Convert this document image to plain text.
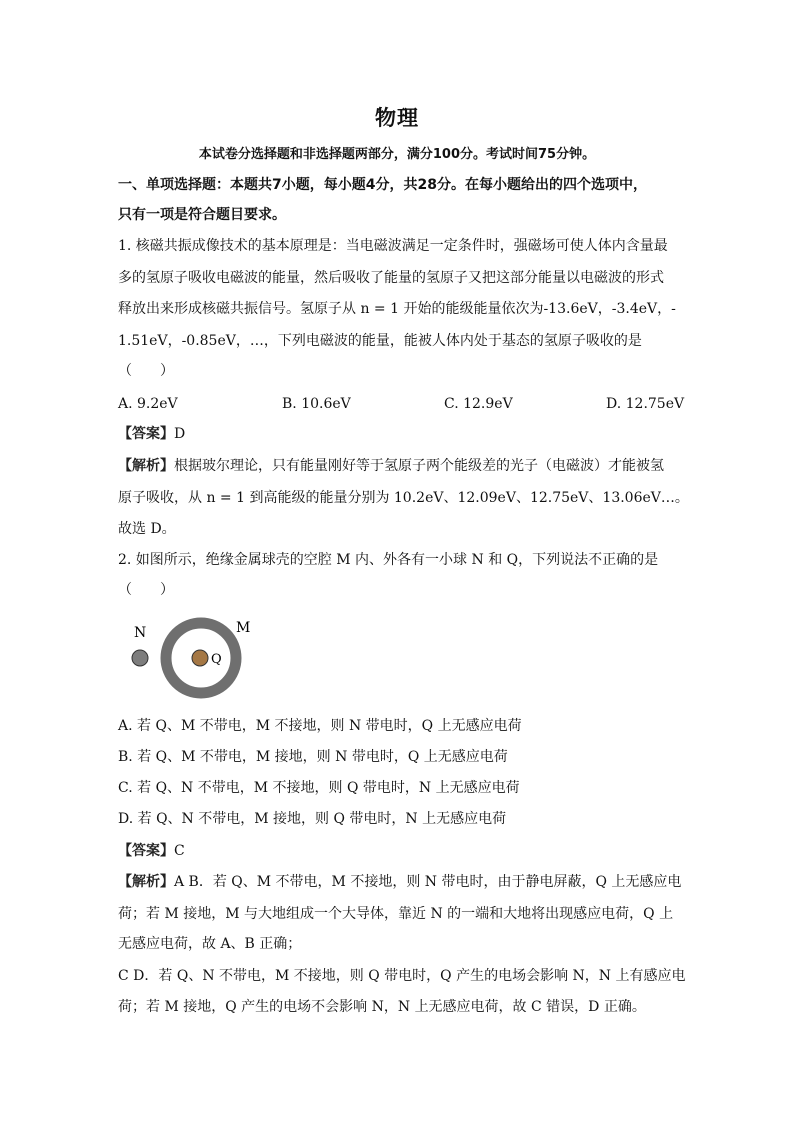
物理
本试卷分选择题和非选择题两部分，满分100分。考试时间75分钟。
一、单项选择题：本题共7小题，每小题4分，共28分。在每小题给出的四个选项中，
只有一项是符合题目要求。
1. 核磁共振成像技术的基本原理是：当电磁波满足一定条件时，强磁场可使人体内含量最
多的氢原子吸收电磁波的能量，然后吸收了能量的氢原子又把这部分能量以电磁波的形式
释放出来形成核磁共振信号。氢原子从 n = 1 开始的能级能量依次为-13.6eV，-3.4eV，-
1.51eV，-0.85eV，…，下列电磁波的能量，能被人体内处于基态的氢原子吸收的是
（　　）
A. 9.2eV	B. 10.6eV	C. 12.9eV	D. 12.75eV
【答案】D
【解析】根据玻尔理论，只有能量刚好等于氢原子两个能级差的光子（电磁波）才能被氢
原子吸收，从 n = 1 到高能级的能量分别为 10.2eV、12.09eV、12.75eV、13.06eV…。
故选 D。
2. 如图所示，绝缘金属球壳的空腔 M 内、外各有一小球 N 和 Q，下列说法不正确的是
（　　）
N	M
Q
A. 若 Q、M 不带电，M 不接地，则 N 带电时，Q 上无感应电荷
B. 若 Q、M 不带电，M 接地，则 N 带电时，Q 上无感应电荷
C. 若 Q、N 不带电，M 不接地，则 Q 带电时，N 上无感应电荷
D. 若 Q、N 不带电，M 接地，则 Q 带电时，N 上无感应电荷
【答案】C
【解析】A B．若 Q、M 不带电，M 不接地，则 N 带电时，由于静电屏蔽，Q 上无感应电
荷；若 M 接地，M 与大地组成一个大导体，靠近 N 的一端和大地将出现感应电荷，Q 上
无感应电荷，故 A、B 正确；
C D．若 Q、N 不带电，M 不接地，则 Q 带电时，Q 产生的电场会影响 N，N 上有感应电
荷；若 M 接地，Q 产生的电场不会影响 N，N 上无感应电荷，故 C 错误，D 正确。
